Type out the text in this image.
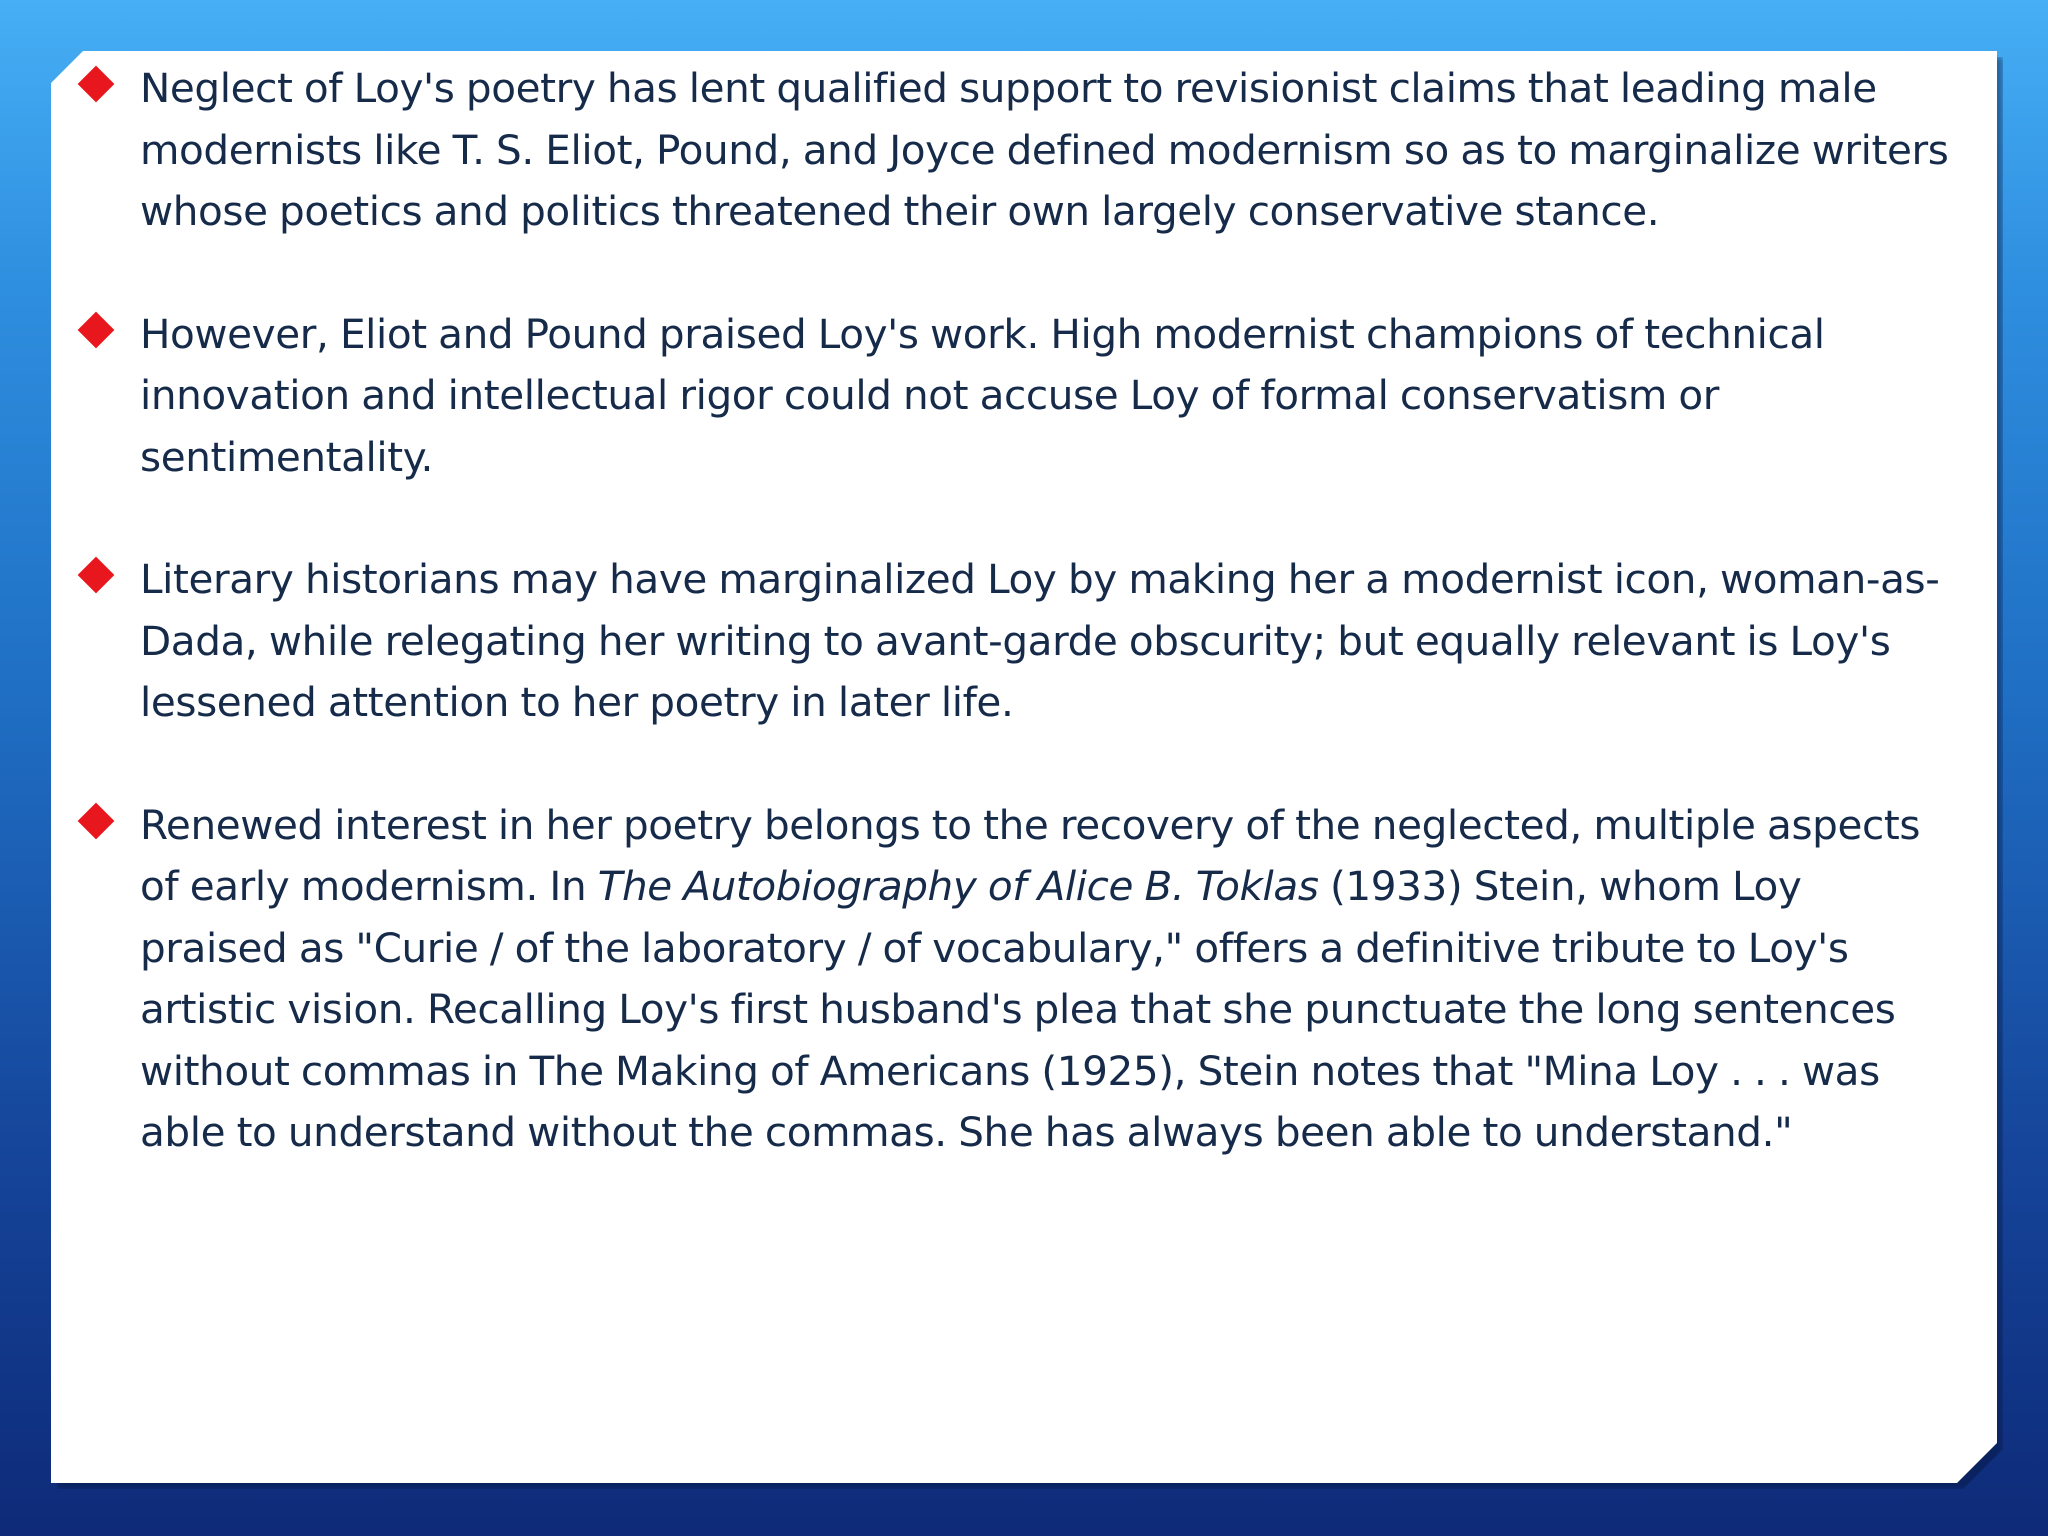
Neglect of Loy's poetry has lent qualified support to revisionist claims that leading male modernists like T. S. Eliot, Pound, and Joyce defined modernism so as to marginalize writers whose poetics and politics threatened their own largely conservative stance.

However, Eliot and Pound praised Loy's work. High modernist champions of technical innovation and intellectual rigor could not accuse Loy of formal conservatism or sentimentality.

Literary historians may have marginalized Loy by making her a modernist icon, woman-as-Dada, while relegating her writing to avant-garde obscurity; but equally relevant is Loy's lessened attention to her poetry in later life.

Renewed interest in her poetry belongs to the recovery of the neglected, multiple aspects of early modernism. In The Autobiography of Alice B. Toklas (1933) Stein, whom Loy praised as "Curie / of the laboratory / of vocabulary," offers a definitive tribute to Loy's artistic vision. Recalling Loy's first husband's plea that she punctuate the long sentences without commas in The Making of Americans (1925), Stein notes that "Mina Loy . . . was able to understand without the commas. She has always been able to understand."
